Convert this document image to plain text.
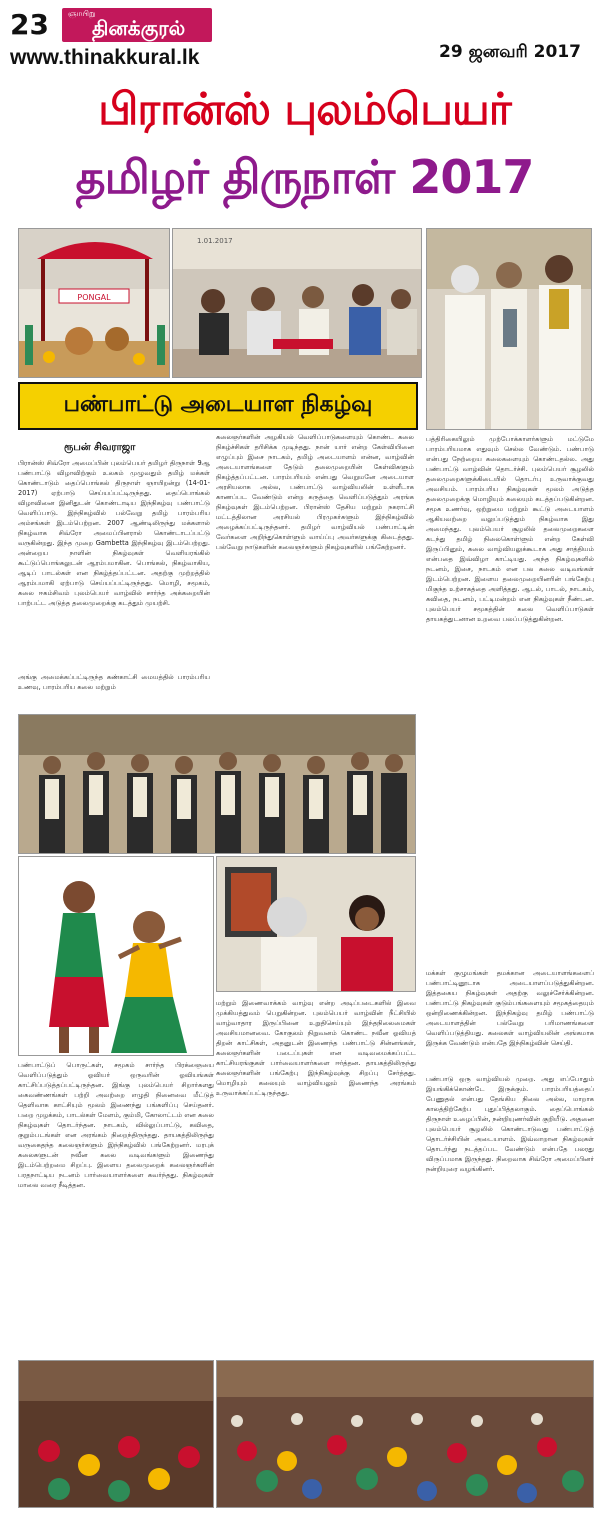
23 ஞாயிறு
தினக்குரல்
www.thinakkural.lk	29 ஜனவரி 2017
பிரான்ஸ் புலம்பெயர்
தமிழர் திருநாள் 2017
PONGAL
1.01.2017
பண்பாட்டு அடையாள நிகழ்வு
ரூபன் சிவராஜா
பிரான்ஸ் சிவ்ரோ அமைப்பின் புலம்பெயர் தமிழர் திருநாள் 9ஆ பண்பாட்டு விழாவிற்கும் உலகம் முழுவதும் தமிழ் மக்கள் கொண்டாடும் தைப்பொங்கல் திருநாள் ஞாயிறன்று (14-01-2017) ஏற்பாடு செய்யப்பட்டிருந்தது. தைப்பொங்கல் விழாவினை இனிதுடன் கொண்டாடிய இந்நிகழ்வு பண்பாட்டு வெளிப்பாடு. இந்நிகழ்வில் பல்வேறு தமிழ் பாரம்பரிய அம்சங்கள் இடம்பெற்றன. 2007 ஆண்டிலிருந்து மக்களால் நிகழ்வாக சிவ்ரோ அமைப்பினரால் கொண்டாடப்பட்டு வருகின்றது. இந்த முறை Gambetta இந்நிகழ்வு இடம்பெற்றது. அன்றைய நாளின் நிகழ்வுகள் வெளியரங்கில் கூட்டுப்பொங்கலுடன் ஆரம்பமாகின. பொங்கல், நிகழ்வாகிய, ஆடிப் பாடல்கள் என நிகழ்த்தப்பட்டன. அதற்கு முற்றத்தில் ஆரம்பமாகி ஏற்பாடு செய்யப்பட்டிருந்தது. மொழி, சமூகம், கலை ஈகம்சிவம் புலம்பெயர் வாழ்வில் சார்ந்த அக்கறையின் பாற்பட்ட அடுத்த தலைமுறைக்கு கடத்தும் முயற்சி.
அங்கு அமைக்கப்பட்டிருந்த கண்காட்சி மையத்தில் பாரம்பரிய உணவு, பாரம்பரிய கலை மற்றும்
கலைஞர்களின் அழகியல் வெளிப்பாடுகளையும் கொண்ட கலை நிகழ்ச்சிகள் தரிசிக்க முடிந்தது. நான் யார் என்ற கேள்வியினை எழுப்பும் இசை நாடகம், தமிழ் அடையாளம் என்ன, வாழ்வின் அடையாளங்களை தேடும் தலைமுறையின் கேள்விகளும் நிகழ்த்தப்பட்டன. பாரம்பரியம் என்பது வெறுமனே அடையாள அரசியலாக அல்ல, பண்பாட்டு வாழ்வியலின் உள்ளீடாக காணப்பட வேண்டும் என்ற கருத்தை வெளிப்படுத்தும் அரங்க நிகழ்வுகள் இடம்பெற்றன. பிரான்ஸ் தேசிய மற்றும் நகராட்சி மட்டத்திலான அரசியல் பிரமுகர்களும் இந்நிகழ்வில் அழைக்கப்பட்டிருந்தனர். தமிழர் வாழ்வியல் பண்பாட்டின் வேர்களை அறிந்துகொள்ளும் வாய்ப்பு அவர்களுக்கு கிடைத்தது. பல்வேறு நாடுகளின் கலைஞர்களும் நிகழ்வுகளில் பங்கேற்றனர்.
பத்திரிகையிலும் முற்போக்காளர்களும் மட்டுமே பாரம்பரியமாக எதுவும் செல்ல வேண்டும். பண்பாடு என்பது நேற்றைய கலைகளையும் கொண்டதல்ல. அது பண்பாட்டு வாழ்வின் தொடர்ச்சி. புலம்பெயர் சூழலில் தலைமுறைகளுக்கிடையில் தொடர்பு உருவாக்குவது அவசியம். பாரம்பரிய நிகழ்வுகள் மூலம் அடுத்த தலைமுறைக்கு மொழியும் கலையும் கடத்தப்படுகின்றன. சமூக உணர்வு, ஒற்றுமை மற்றும் கூட்டு அடையாளம் ஆகியவற்றை வலுப்படுத்தும் நிகழ்வாக இது அமைந்தது. புலம்பெயர் சூழலில் தலைமுறைகளை கடந்து தமிழ் நிலைகொள்ளும் என்ற கேள்வி இருப்பினும், கலை வாழ்வியலுக்கூடாக அது சாத்தியம் என்பதை இவ்விழா காட்டியது. அந்த நிகழ்வுகளில் நடனம், இசை, நாடகம் என பல கலை வடிவங்கள் இடம்பெற்றன. இளைய தலைமுறையினரின் பங்கேற்பு மிகுந்த உற்சாகத்தை அளித்தது. ஆடல், பாடல், நாடகம், கவிதை, நடனம், பட்டிமன்றம் என நிகழ்வுகள் நீண்டன. புலம்பெயர் சமூகத்தின் கலை வெளிப்பாடுகள் தாயகத்துடனான உறவை பலப்படுத்துகின்றன.
மக்கள் குழுமங்கள் தமக்கான அடையாளங்களைப் பண்பாட்டினூடாக அடையாளப்படுத்துகின்றன. இத்தகைய நிகழ்வுகள் அதற்கு வலுச்சேர்க்கின்றன. பண்பாட்டு நிகழ்வுகள் குடும்பங்களையும் சமூகத்தையும் ஒன்றிணைக்கின்றன. இந்நிகழ்வு தமிழ் பண்பாட்டு அடையாளத்தின் பல்வேறு பரிமாணங்களை வெளிப்படுத்தியது. கலைகள் வாழ்வியலின் அங்கமாக இருக்க வேண்டும் என்பதே இந்நிகழ்வின் செய்தி.
பண்பாட்டுப் பொருட்கள், சமூகம் சார்ந்த பிரக்ஞையை வெளிப்படுத்தும் ஓவியர் ஒருவரின் ஓவியங்கள் காட்சிப்படுத்தப்பட்டிருந்தன. இங்கு புலம்பெயர் சிறார்களது கைவண்ணங்கள் பற்றி அவற்றை எழுதி நினைவை மீட்டுத் தெளிவாக காட்சியும் மூலம் இணைந்து பங்களிப்பு செய்தனர். பறை முழக்கம், பாடல்கள் மேளம், கும்மி, கோலாட்டம் என கலை நிகழ்வுகள் தொடர்ந்தன. நாடகம், வில்லுப்பாட்டு, கவிதை, குறும்படங்கள் என அரங்கம் நிறைந்திருந்தது. தாயகத்திலிருந்து வருகைதந்த கலைஞர்களும் இந்நிகழ்வில் பங்கேற்றனர். மரபுக் கலைகளுடன் நவீன கலை வடிவங்களும் இணைந்து இடம்பெற்றமை சிறப்பு. இளைய தலைமுறைக் கலைஞர்களின் பரதநாட்டிய நடனம் பார்வையாளர்களை கவர்ந்தது. நிகழ்வுகள் மாலை வரை நீடித்தன.
மற்றும் இணைவாக்கம் வாழ்வு என்ற அடிப்படைகளில் இவை முக்கியத்துவம் பெறுகின்றன. புலம்பெயர் வாழ்வின் நீட்சியில் வாழ்வாதார இருப்பினை உறுதிசெய்யும் இந்தநிலைமைகள் அவசியமானவை. கோகுலம் நிறுவனம் கொண்ட நவீன ஓவியத் திறன் காட்சிகள், அதனுடன் இணைந்த பண்பாட்டு சின்னங்கள், கலைஞர்களின் படைப்புகள் என வடிவமைக்கப்பட்ட காட்சியரங்குகள் பார்வையாளர்களை ஈர்த்தன. தாயகத்திலிருந்து கலைஞர்களின் பங்கேற்பு இந்நிகழ்வுக்கு சிறப்பு சேர்த்தது. மொழியும் கலையும் வாழ்வியலும் இணைந்த அரங்கம் உருவாக்கப்பட்டிருந்தது.
பண்பாடு ஒரு வாழ்வியல் முறை. அது எப்போதும் இயங்கிக்கொண்டே இருக்கும். பாரம்பரியத்தைப் பேணுதல் என்பது தேங்கிய நிலை அல்ல, மாறாக காலத்திற்கேற்ப புதுப்பித்தலாகும். தைப்பொங்கல் திருநாள் உழைப்பின், நன்றியுணர்வின் குறியீடு. அதனை புலம்பெயர் சூழலில் கொண்டாடுவது பண்பாட்டுத் தொடர்ச்சியின் அடையாளம். இவ்வாறான நிகழ்வுகள் தொடர்ந்து நடத்தப்பட வேண்டும் என்பதே பலரது விருப்பமாக இருந்தது. நிறைவாக சிவ்ரோ அமைப்பினர் நன்றியுரை வழங்கினர்.
